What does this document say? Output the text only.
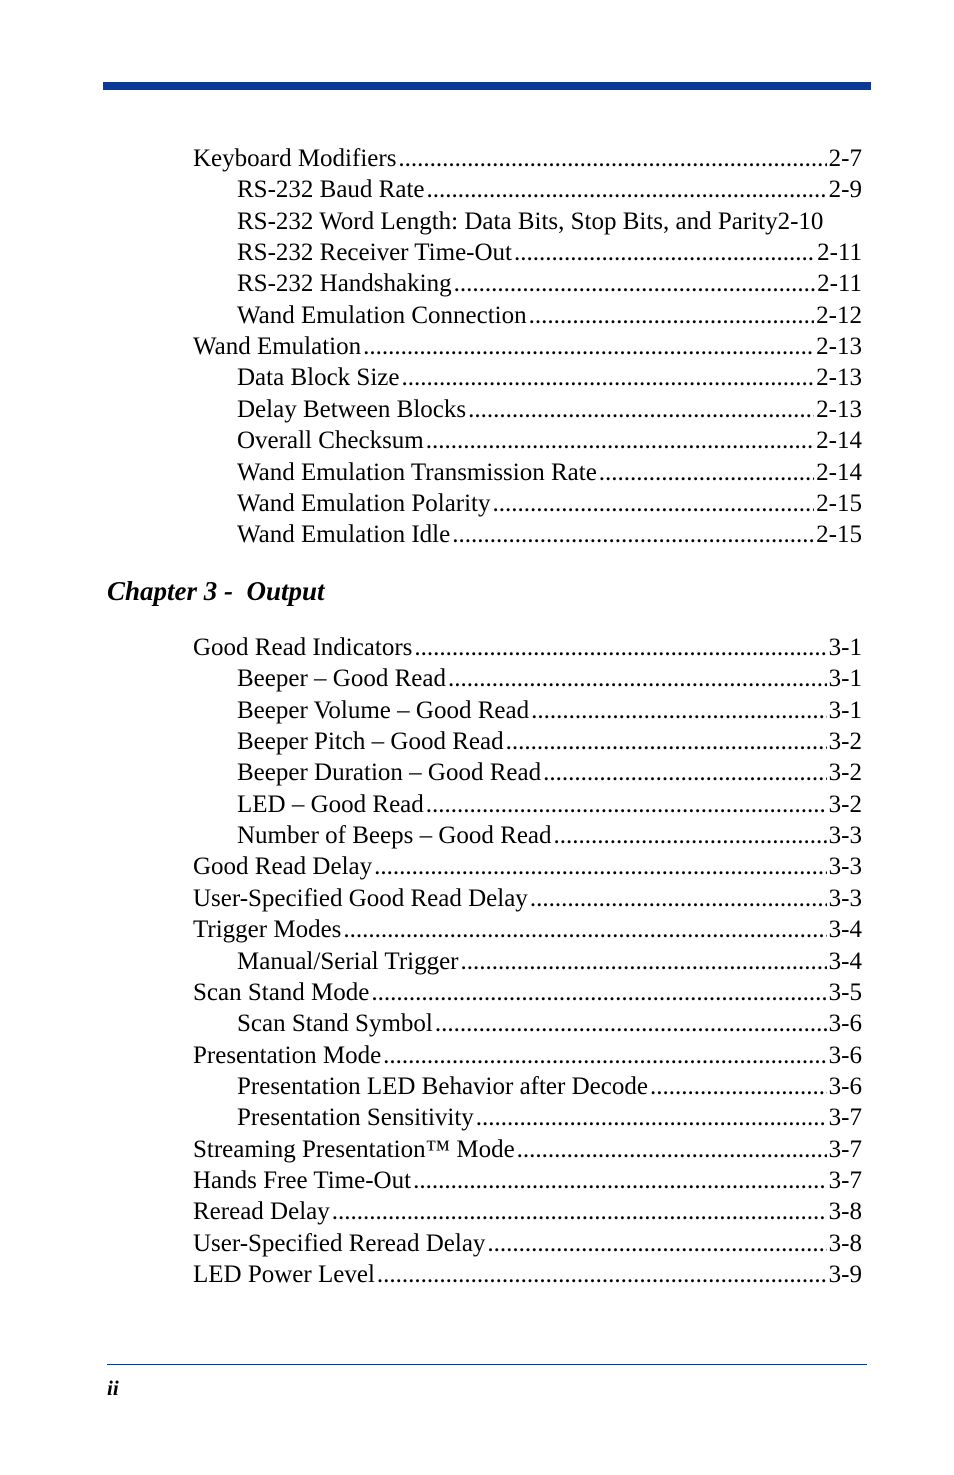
Keyboard Modifiers .....	2-7
RS-232 Baud Rate .....	2-9
RS-232 Word Length: Data Bits, Stop Bits, and Parity 2-10
RS-232 Receiver Time-Out .....	2-11
RS-232 Handshaking .....	2-11
Wand Emulation Connection .....	2-12
Wand Emulation .....	2-13
Data Block Size .....	2-13
Delay Between Blocks .....	2-13
Overall Checksum .....	2-14
Wand Emulation Transmission Rate .....	2-14
Wand Emulation Polarity .....	2-15
Wand Emulation Idle .....	2-15
Good Read Indicators .....	3-1
Beeper – Good Read .....	3-1
Beeper Volume – Good Read .....	3-1
Beeper Pitch – Good Read .....	3-2
Beeper Duration – Good Read .....	3-2
LED – Good Read .....	3-2
Number of Beeps – Good Read .....	3-3
Good Read Delay .....	3-3
User-Specified Good Read Delay .....	3-3
Trigger Modes .....	3-4
Manual/Serial Trigger .....	3-4
Scan Stand Mode .....	3-5
Scan Stand Symbol .....	3-6
Presentation Mode .....	3-6
Presentation LED Behavior after Decode .....	3-6
Presentation Sensitivity .....	3-7
Streaming Presentation™ Mode .....	3-7
Hands Free Time-Out .....	3-7
Reread Delay .....	3-8
User-Specified Reread Delay .....	3-8
LED Power Level .....	3-9
Chapter 3 -  Output
ii
